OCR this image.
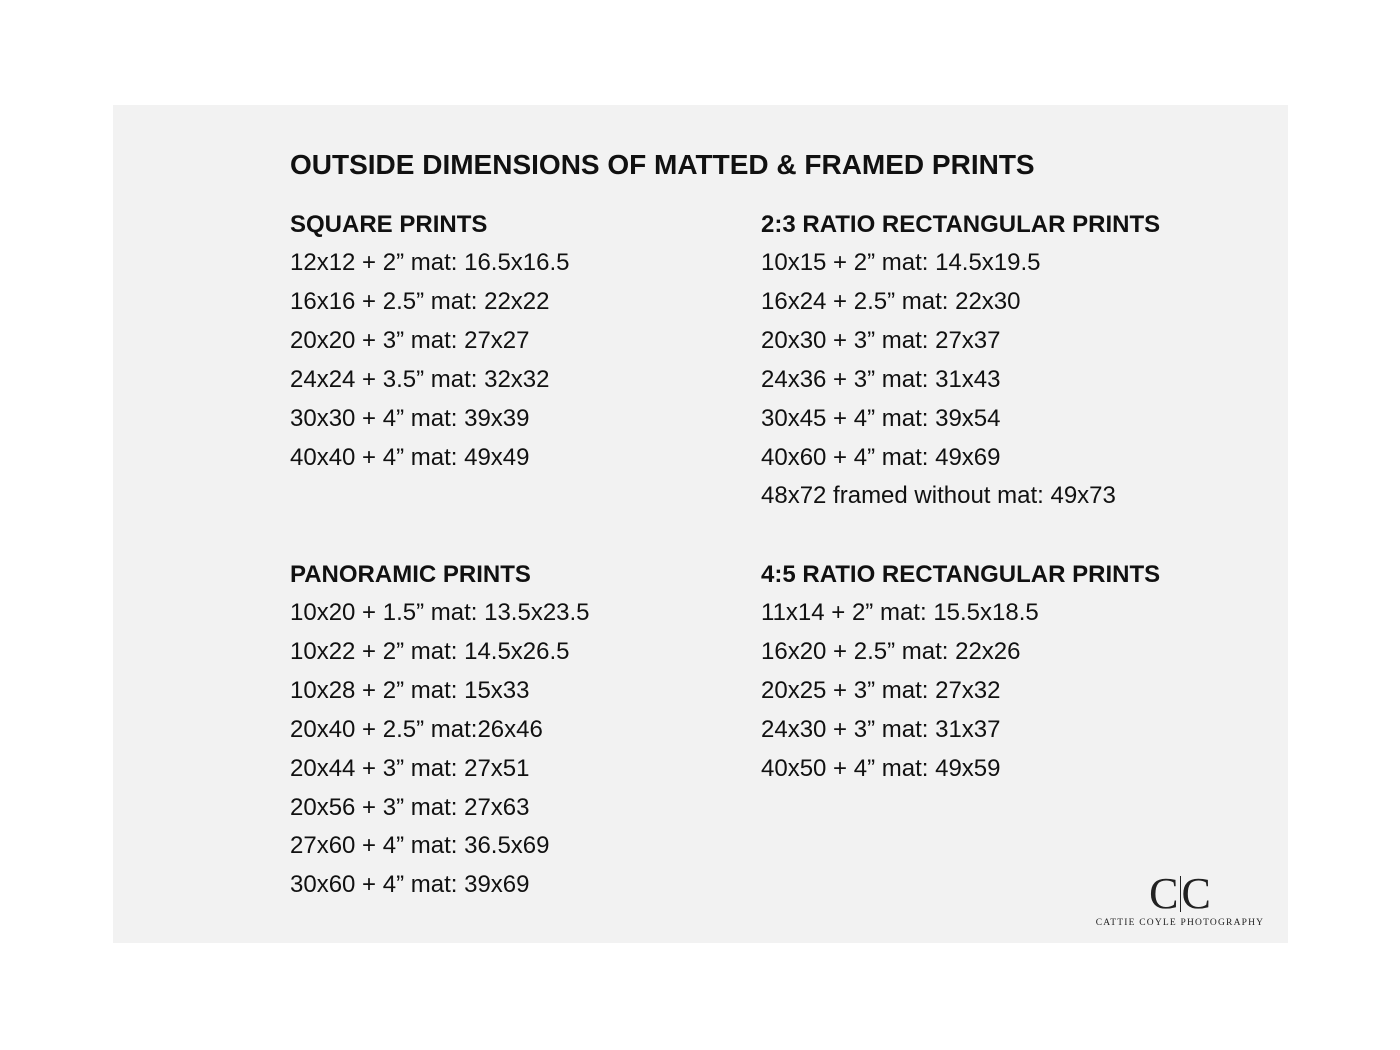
OUTSIDE DIMENSIONS OF MATTED & FRAMED PRINTS
SQUARE PRINTS
12x12 + 2” mat: 16.5x16.5
16x16 + 2.5” mat: 22x22
20x20 + 3” mat: 27x27
24x24 + 3.5” mat: 32x32
30x30 + 4” mat: 39x39
40x40 + 4” mat: 49x49
2:3 RATIO RECTANGULAR PRINTS
10x15 + 2” mat: 14.5x19.5
16x24 + 2.5” mat: 22x30
20x30 + 3” mat: 27x37
24x36 + 3” mat: 31x43
30x45 + 4” mat: 39x54
40x60 + 4” mat: 49x69
48x72 framed without mat: 49x73
PANORAMIC PRINTS
10x20 + 1.5” mat: 13.5x23.5
10x22 + 2” mat: 14.5x26.5
10x28 + 2” mat: 15x33
20x40 + 2.5” mat:26x46
20x44 + 3” mat: 27x51
20x56 + 3” mat: 27x63
27x60 + 4” mat: 36.5x69
30x60 + 4” mat: 39x69
4:5 RATIO RECTANGULAR PRINTS
11x14 + 2” mat: 15.5x18.5
16x20 + 2.5” mat: 22x26
20x25 + 3” mat: 27x32
24x30 + 3” mat: 31x37
40x50 + 4” mat: 49x59
C C
CATTIE COYLE PHOTOGRAPHY
